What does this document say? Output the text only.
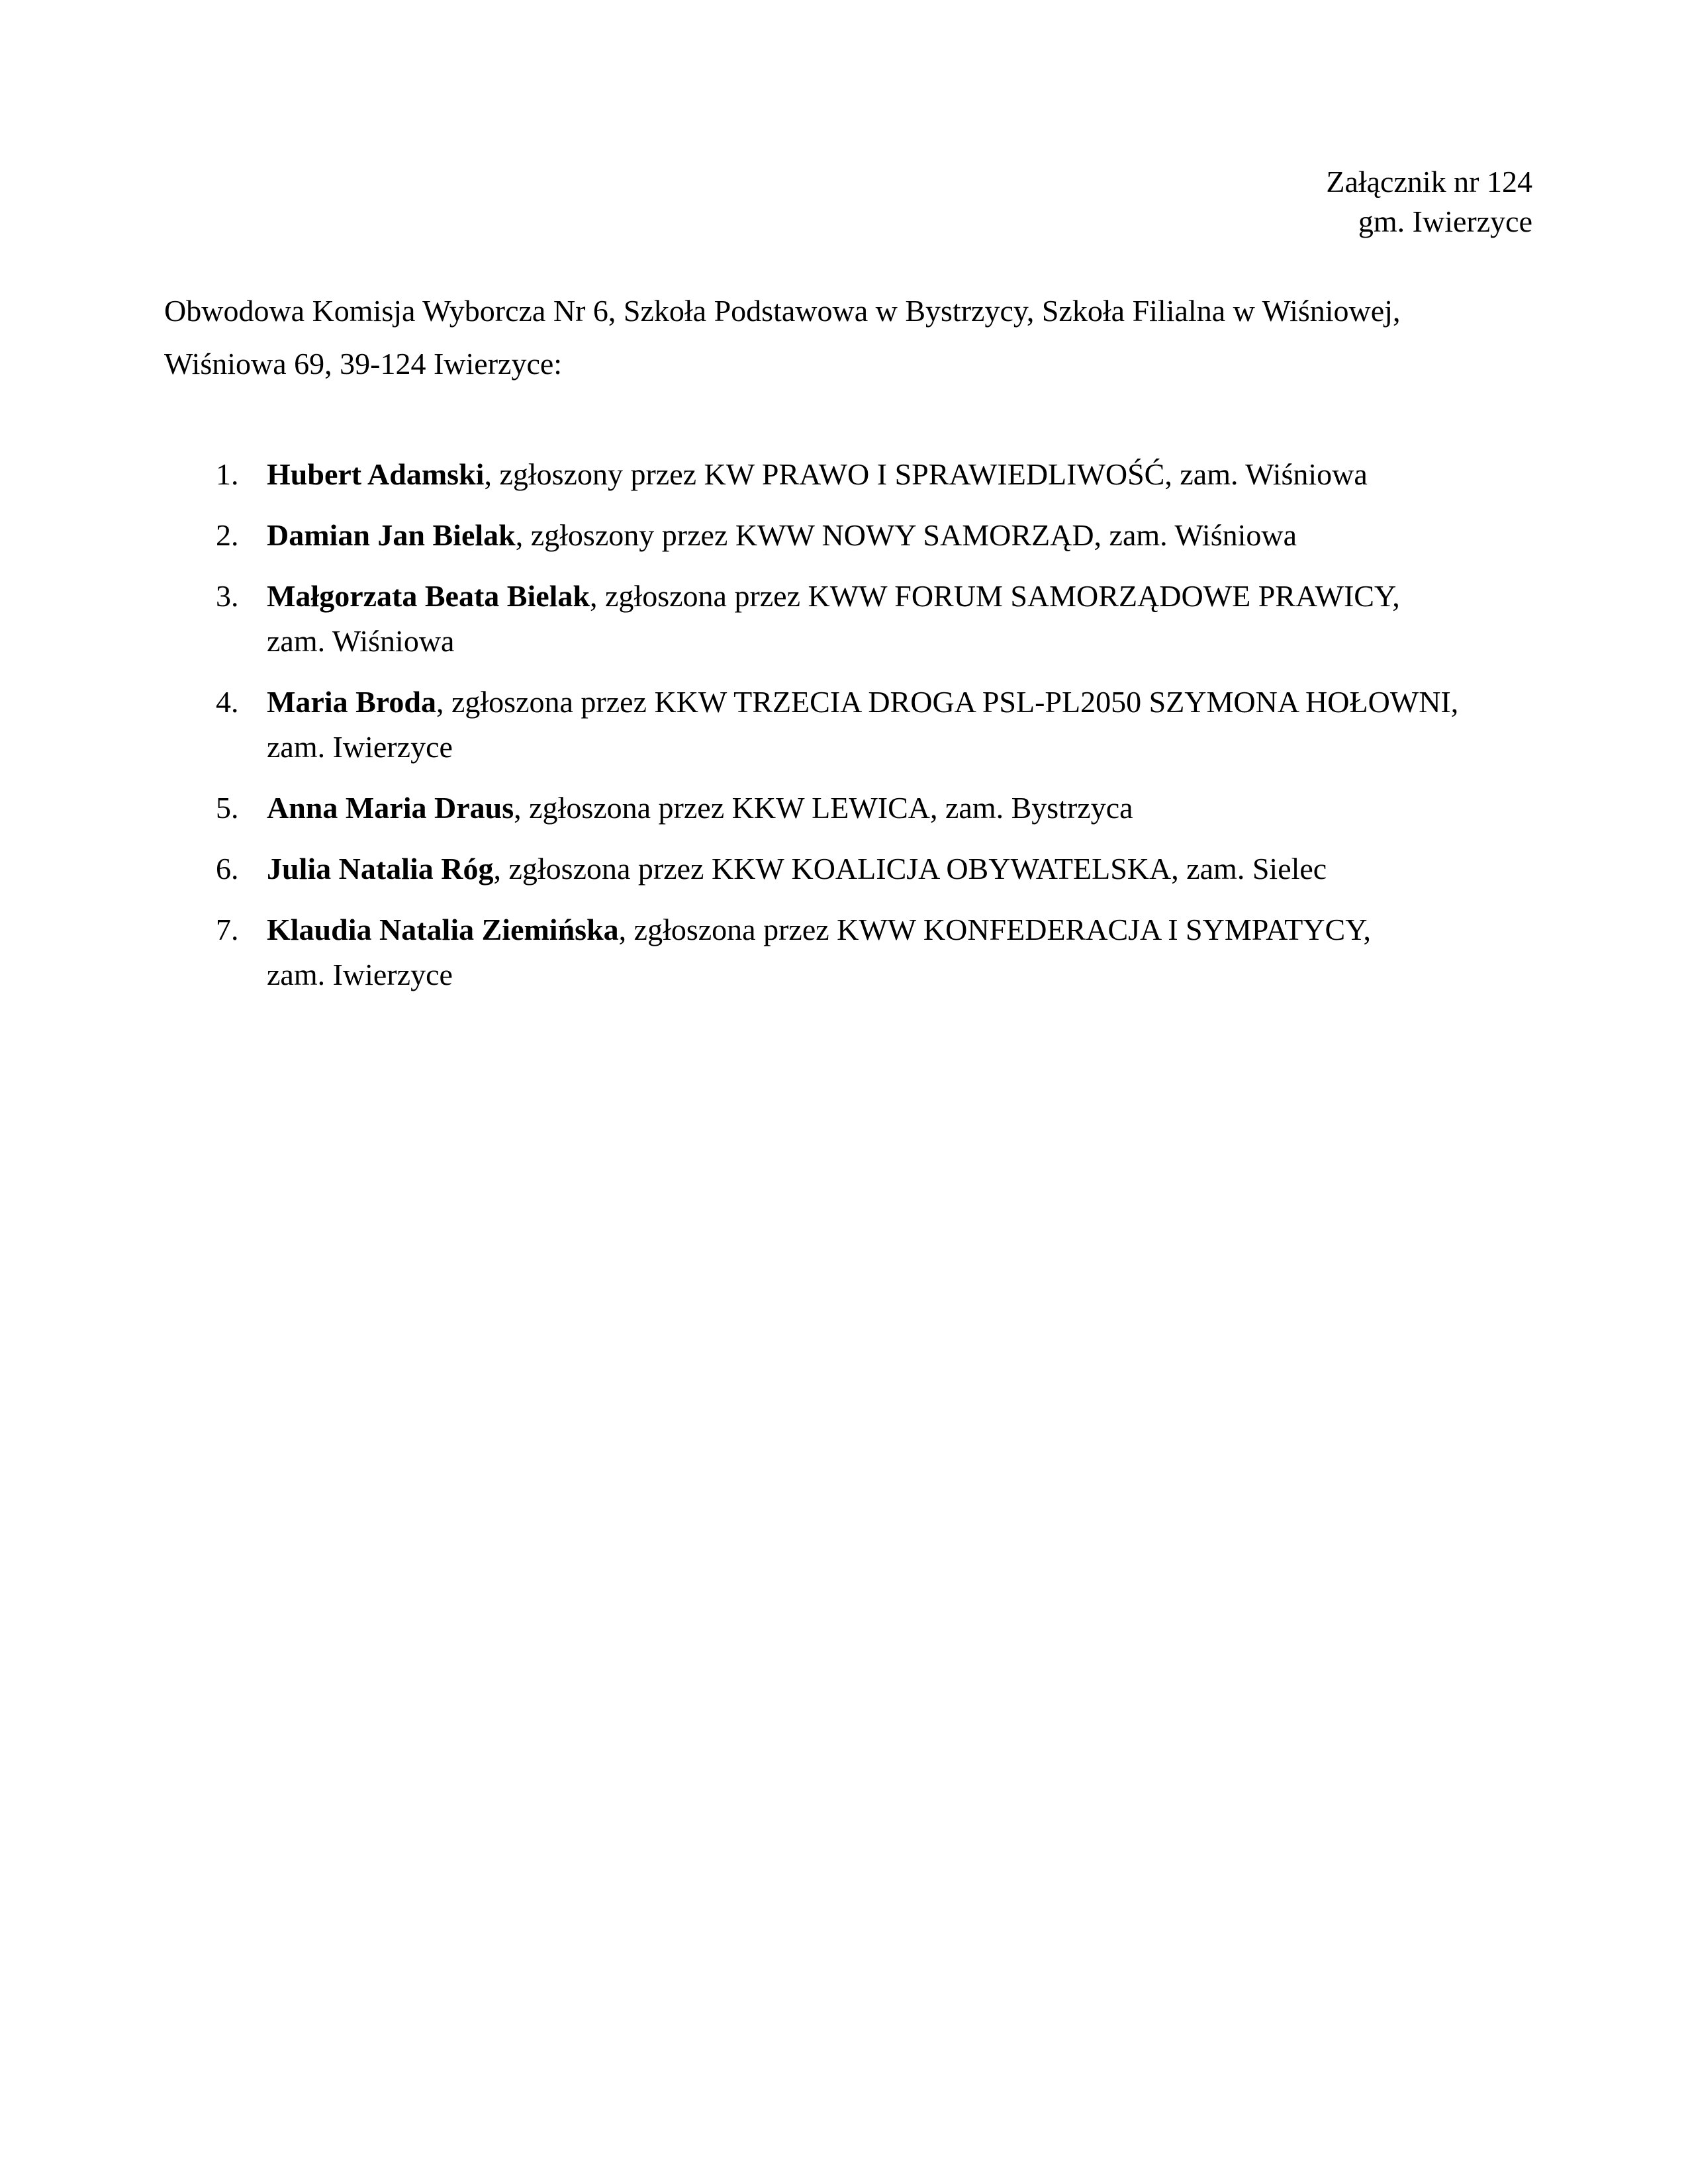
Załącznik nr 124
gm. Iwierzyce
Obwodowa Komisja Wyborcza Nr 6, Szkoła Podstawowa w Bystrzycy, Szkoła Filialna w Wiśniowej,
Wiśniowa 69, 39-124 Iwierzyce:
1. Hubert Adamski, zgłoszony przez KW PRAWO I SPRAWIEDLIWOŚĆ, zam. Wiśniowa
2. Damian Jan Bielak, zgłoszony przez KWW NOWY SAMORZĄD, zam. Wiśniowa
3. Małgorzata Beata Bielak, zgłoszona przez KWW FORUM SAMORZĄDOWE PRAWICY,
zam. Wiśniowa
4. Maria Broda, zgłoszona przez KKW TRZECIA DROGA PSL-PL2050 SZYMONA HOŁOWNI,
zam. Iwierzyce
5. Anna Maria Draus, zgłoszona przez KKW LEWICA, zam. Bystrzyca
6. Julia Natalia Róg, zgłoszona przez KKW KOALICJA OBYWATELSKA, zam. Sielec
7. Klaudia Natalia Ziemińska, zgłoszona przez KWW KONFEDERACJA I SYMPATYCY,
zam. Iwierzyce
